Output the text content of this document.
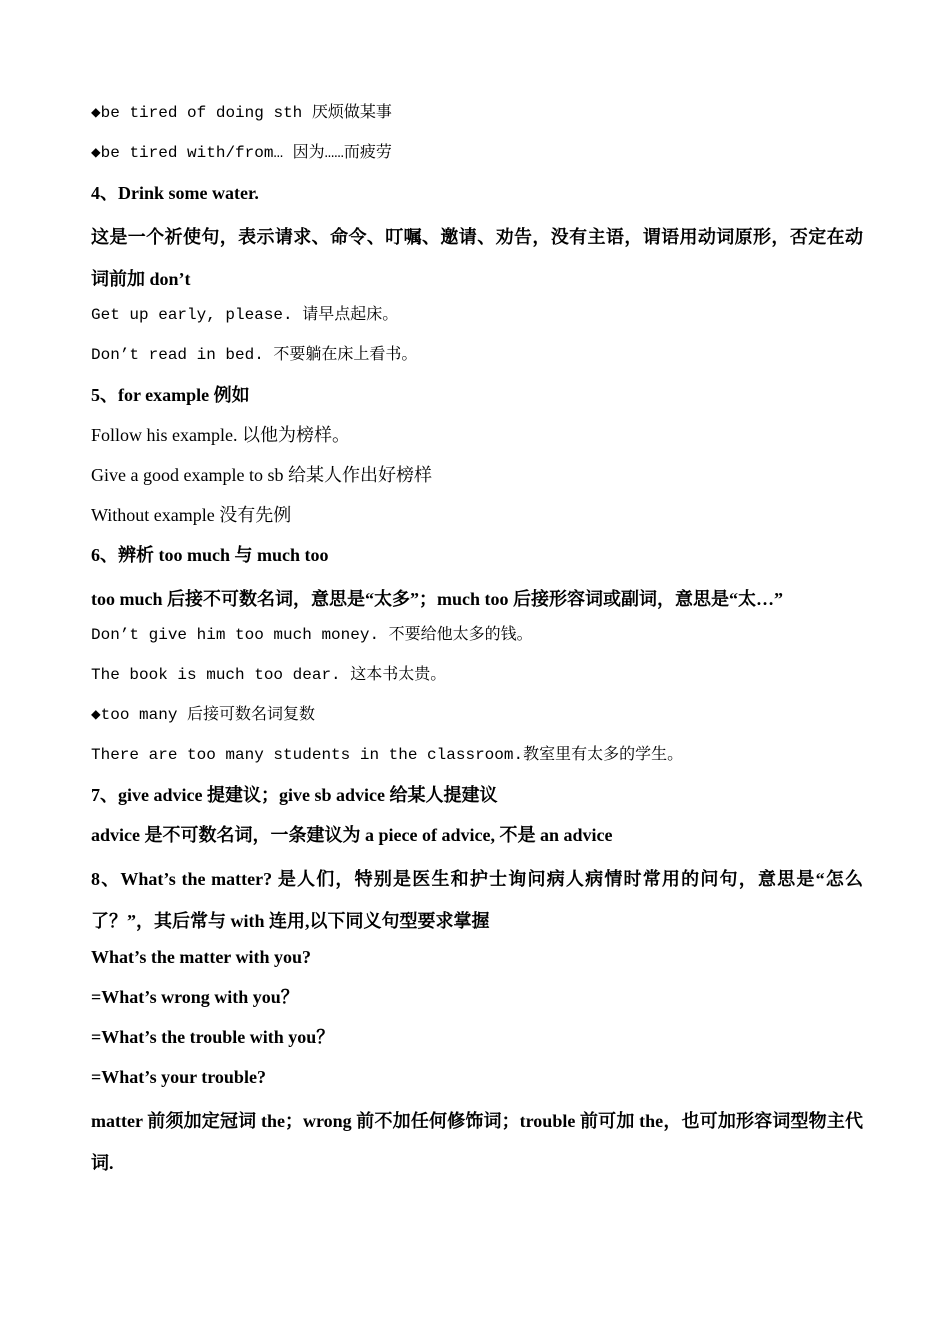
◆be tired of doing sth 厌烦做某事
◆be tired with/from… 因为……而疲劳
4、Drink some water.
这是一个祈使句，表示请求、命令、叮嘱、邀请、劝告，没有主语，谓语用动词原形，否定在动词前加 don’t
Get up early, please. 请早点起床。
Don’t read in bed. 不要躺在床上看书。
5、for example 例如
Follow his example. 以他为榜样。
Give a good example to sb 给某人作出好榜样
Without example 没有先例
6、辨析 too much 与 much too
too much 后接不可数名词，意思是“太多”；much too 后接形容词或副词，意思是“太…”
Don’t give him too much money. 不要给他太多的钱。
The book is much too dear. 这本书太贵。
◆too many 后接可数名词复数
There are too many students in the classroom.教室里有太多的学生。
7、give advice 提建议；give sb advice 给某人提建议
advice 是不可数名词，一条建议为 a piece of advice, 不是 an advice
8、What’s the matter? 是人们，特别是医生和护士询问病人病情时常用的问句，意思是“怎么了？”，其后常与 with 连用,以下同义句型要求掌握
What’s the matter with you?
=What’s wrong with you？
=What’s the trouble with you？
=What’s your trouble?
matter 前须加定冠词 the；wrong 前不加任何修饰词；trouble 前可加 the，也可加形容词型物主代词.
